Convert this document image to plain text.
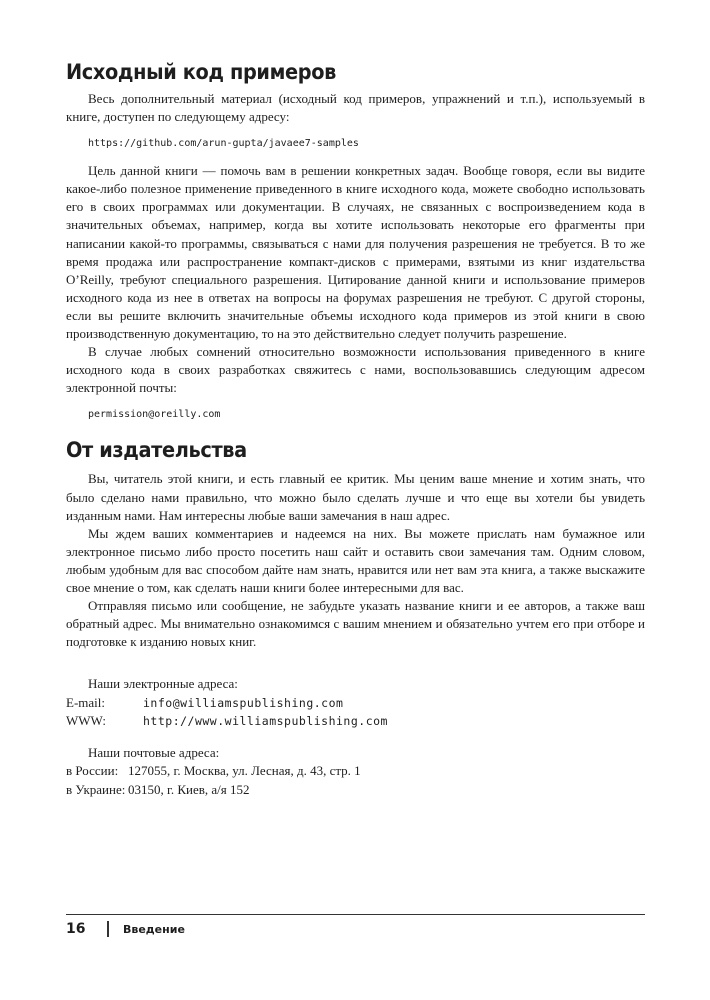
Исходный код примеров

Весь дополнительный материал (исходный код примеров, упражнений и т.п.), используемый в книге, доступен по следующему адресу:

https://github.com/arun-gupta/javaee7-samples

Цель данной книги — помочь вам в решении конкретных задач. Вообще говоря, если вы видите какое-либо полезное применение приведенного в книге исходного кода, можете свободно использовать его в своих программах или документации. В случаях, не связанных с воспроизведением кода в значительных объемах, например, когда вы хотите использовать некоторые его фрагменты при написании какой-то программы, связываться с нами для получения разрешения не требуется. В то же время продажа или распространение компакт-дисков с примерами, взятыми из книг издательства O’Reilly, требуют специального разрешения. Цитирование данной книги и использование примеров исходного кода из нее в ответах на вопросы на форумах разрешения не требуют. С другой стороны, если вы решите включить значительные объемы исходного кода примеров из этой книги в свою производственную документацию, то на это действительно следует получить разрешение.

В случае любых сомнений относительно возможности использования приведенного в книге исходного кода в своих разработках свяжитесь с нами, воспользовавшись следующим адресом электронной почты:

permission@oreilly.com
От издательства

Вы, читатель этой книги, и есть главный ее критик. Мы ценим ваше мнение и хотим знать, что было сделано нами правильно, что можно было сделать лучше и что еще вы хотели бы увидеть изданным нами. Нам интересны любые ваши замечания в наш адрес.

Мы ждем ваших комментариев и надеемся на них. Вы можете прислать нам бумажное или электронное письмо либо просто посетить наш сайт и оставить свои замечания там. Одним словом, любым удобным для вас способом дайте нам знать, нравится или нет вам эта книга, а также выскажите свое мнение о том, как сделать наши книги более интересными для вас.

Отправляя письмо или сообщение, не забудьте указать название книги и ее авторов, а также ваш обратный адрес. Мы внимательно ознакомимся с вашим мнением и обязательно учтем его при отборе и подготовке к изданию новых книг.

Наши электронные адреса:
E-mail:	info@williamspublishing.com
WWW:	http://www.williamspublishing.com
Наши почтовые адреса:
в России: 127055, г. Москва, ул. Лесная, д. 43, стр. 1
в Украине: 03150, г. Киев, а/я 152
16	Введение
